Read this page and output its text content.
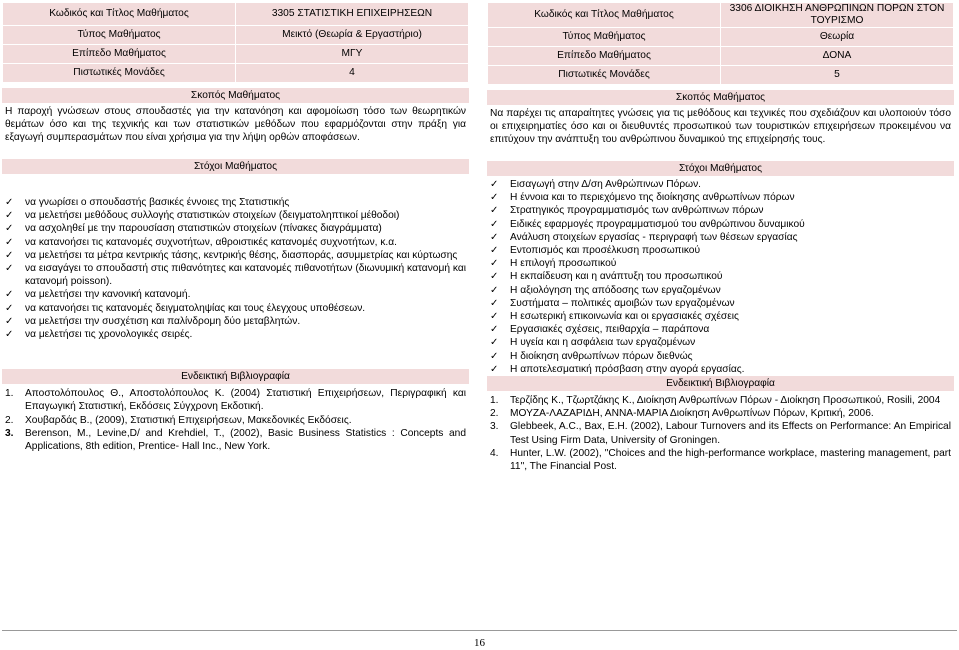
Κωδικός και Τίτλος Μαθήματος	3305 ΣΤΑΤΙΣΤΙΚΗ ΕΠΙΧΕΙΡΗΣΕΩΝ
Τύπος Μαθήματος	Μεικτό (Θεωρία & Εργαστήριο)
Επίπεδο Μαθήματος	ΜΓΥ
Πιστωτικές Μονάδες	4
Σκοπός Μαθήματος
Η παροχή γνώσεων στους σπουδαστές για την κατανόηση και αφομοίωση τόσο των θεωρητικών θεμάτων όσο και της τεχνικής και των στατιστικών μεθόδων που εφαρμόζονται στην πράξη για εξαγωγή συμπερασμάτων που είναι χρήσιμα για την λήψη ορθών αποφάσεων.
Στόχοι Μαθήματος
✓ να γνωρίσει ο σπουδαστής βασικές έννοιες της Στατιστικής
✓ να μελετήσει μεθόδους συλλογής στατιστικών στοιχείων (δειγματοληπτικοί μέθοδοι)
✓ να ασχοληθεί με την παρουσίαση στατιστικών στοιχείων (πίνακες διαγράμματα)
✓ να κατανοήσει τις κατανομές συχνοτήτων, αθροιστικές κατανομές συχνοτήτων, κ.α.
✓ να μελετήσει τα μέτρα κεντρικής τάσης, κεντρικής θέσης, διασποράς, ασυμμετρίας και κύρτωσης
✓ να εισαγάγει το σπουδαστή στις πιθανότητες και κατανομές πιθανοτήτων (διωνυμική κατανομή και κατανομή poisson).
✓ να μελετήσει την κανονική κατανομή.
✓ να κατανοήσει τις κατανομές δειγματοληψίας και τους έλεγχους υποθέσεων.
✓ να μελετήσει την συσχέτιση και παλίνδρομη δύο μεταβλητών.
✓ να μελετήσει τις χρονολογικές σειρές.
Ενδεικτική Βιβλιογραφία
1. Αποστολόπουλος Θ., Αποστολόπουλος Κ. (2004) Στατιστική Επιχειρήσεων, Περιγραφική και Επαγωγική Στατιστική, Εκδόσεις Σύγχρονη Εκδοτική.
2. Χουβαρδάς Β., (2009), Στατιστική Επιχειρήσεων, Μακεδονικές Εκδόσεις.
3. Berenson, M., Levine,D/ and Krehdiel, T., (2002), Basic Business Statistics : Concepts and Applications, 8th edition, Prentice- Hall Inc., New York.
Κωδικός και Τίτλος Μαθήματος	3306 ΔΙΟΙΚΗΣΗ ΑΝΘΡΩΠΙΝΩΝ ΠΟΡΩΝ ΣΤΟΝ ΤΟΥΡΙΣΜΟ
Τύπος Μαθήματος	Θεωρία
Επίπεδο Μαθήματος	ΔΟΝΑ
Πιστωτικές Μονάδες	5
Σκοπός Μαθήματος
Να παρέχει τις απαραίτητες γνώσεις για τις μεθόδους και τεχνικές που σχεδιάζουν και υλοποιούν τόσο οι επιχειρηματίες όσο και οι διευθυντές προσωπικού των τουριστικών επιχειρήσεων προκειμένου να επιτύχουν την ανάπτυξη του ανθρώπινου δυναμικού της επιχείρησής τους.
Στόχοι Μαθήματος
✓ Εισαγωγή στην Δ/ση Ανθρώπινων Πόρων.
✓ Η έννοια και το περιεχόμενο της διοίκησης ανθρωπίνων πόρων
✓ Στρατηγικός προγραμματισμός των ανθρώπινων πόρων
✓ Ειδικές εφαρμογές προγραμματισμού του ανθρώπινου δυναμικού
✓ Ανάλυση στοιχείων εργασίας - περιγραφή των θέσεων εργασίας
✓ Εντοπισμός και προσέλκυση προσωπικού
✓ Η επιλογή προσωπικού
✓ Η εκπαίδευση και η ανάπτυξη του προσωπικού
✓ Η αξιολόγηση της απόδοσης των εργαζομένων
✓ Συστήματα – πολιτικές αμοιβών των εργαζομένων
✓ Η εσωτερική επικοινωνία και οι εργασιακές σχέσεις
✓ Εργασιακές σχέσεις, πειθαρχία – παράπονα
✓ Η υγεία και η ασφάλεια των εργαζομένων
✓ Η διοίκηση ανθρωπίνων πόρων διεθνώς
✓ Η αποτελεσματική πρόσβαση στην αγορά εργασίας.
Ενδεικτική Βιβλιογραφία
1. Τερζίδης Κ., Τζωρτζάκης Κ., Διοίκηση Ανθρωπίνων Πόρων - Διοίκηση Προσωπικού, Rosili, 2004
2. ΜΟΥΖΑ-ΛΑΖΑΡΙΔΗ, ΑΝΝΑ-ΜΑΡΙΑ Διοίκηση Ανθρωπίνων Πόρων, Κριτική, 2006.
3. Glebbeek, A.C., Bax, E.H. (2002), Labour Turnovers and its Effects on Performance: An Empirical Test Using Firm Data, University of Groningen.
4. Hunter, L.W. (2002), "Choices and the high-performance workplace, mastering management, part 11", The Financial Post.
16
